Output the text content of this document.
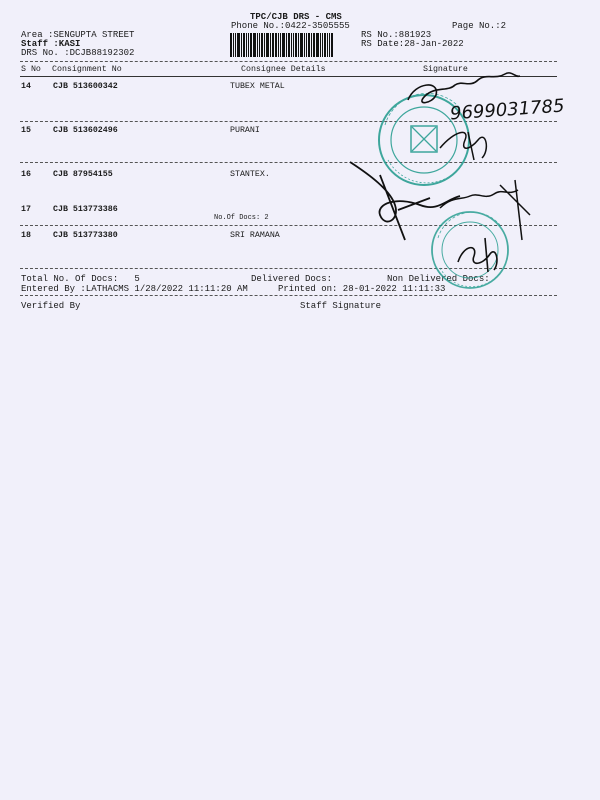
TPC/CJB DRS - CMS
Phone No.:0422-3505555	Page No.:2
Area :SENGUPTA STREET
Staff :KASI
DRS No. :DCJB88192302
RS No.:881923
RS Date:28-Jan-2022
S No Consignment No	Consignee Details	Signature
14	CJB 513600342	TUBEX METAL
15	CJB 513602496	PURANI
16	CJB 87954155	STANTEX.
17	CJB 513773386
No.Of Docs: 2
18	CJB 513773380	SRI RAMANA
Total No. Of Docs:   5	Delivered Docs:	Non Delivered Docs:
Entered By :LATHACMS 1/28/2022 11:11:20 AM	Printed on: 28-01-2022 11:11:33
Verified By	Staff Signature
9699031785
